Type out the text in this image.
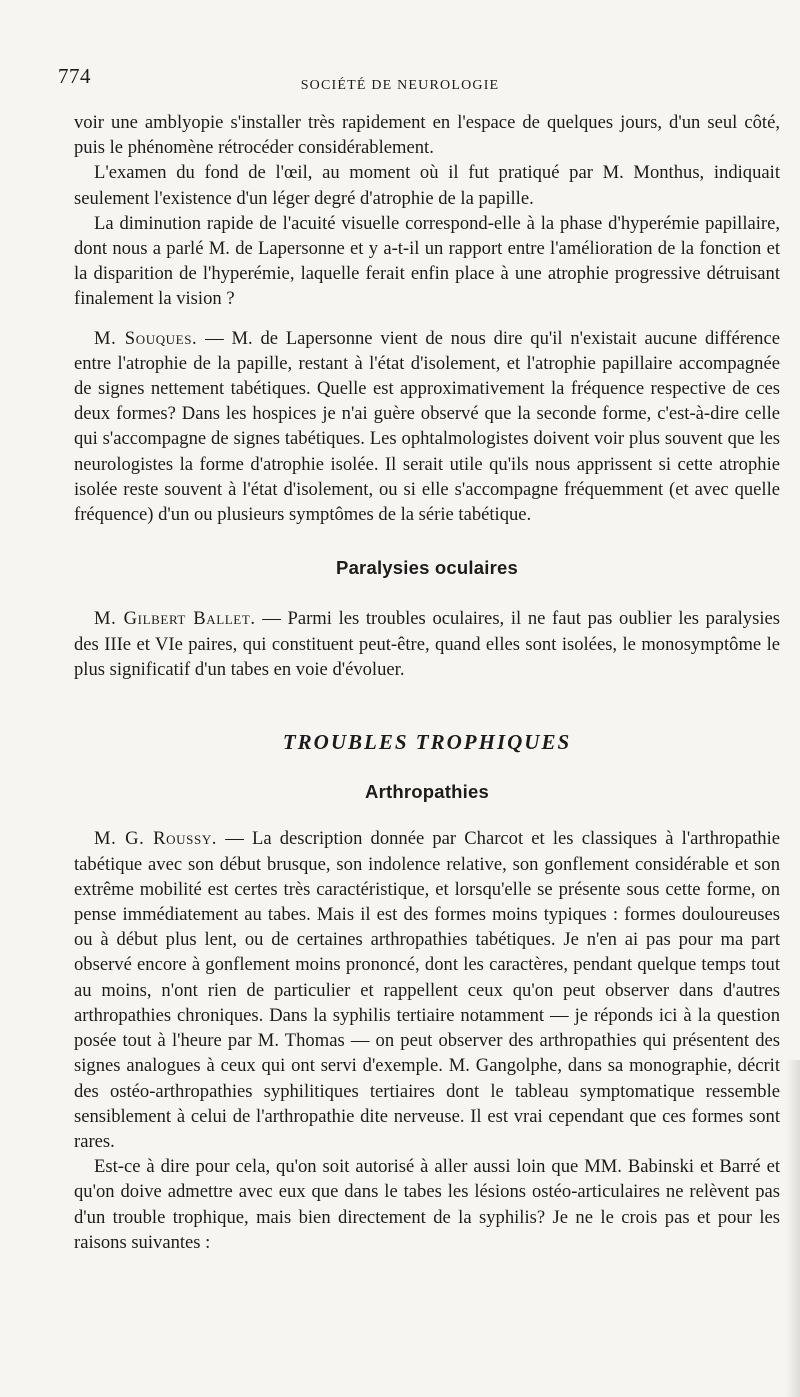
774	SOCIÉTÉ DE NEUROLOGIE

voir une amblyopie s'installer très rapidement en l'espace de quelques jours, d'un seul côté, puis le phénomène rétrocéder considérablement.

L'examen du fond de l'œil, au moment où il fut pratiqué par M. Monthus, indiquait seulement l'existence d'un léger degré d'atrophie de la papille.

La diminution rapide de l'acuité visuelle correspond-elle à la phase d'hyperémie papillaire, dont nous a parlé M. de Lapersonne et y a-t-il un rapport entre l'amélioration de la fonction et la disparition de l'hyperémie, laquelle ferait enfin place à une atrophie progressive détruisant finalement la vision ?

M. Souques. — M. de Lapersonne vient de nous dire qu'il n'existait aucune différence entre l'atrophie de la papille, restant à l'état d'isolement, et l'atrophie papillaire accompagnée de signes nettement tabétiques. Quelle est approximativement la fréquence respective de ces deux formes? Dans les hospices je n'ai guère observé que la seconde forme, c'est-à-dire celle qui s'accompagne de signes tabétiques. Les ophtalmologistes doivent voir plus souvent que les neurologistes la forme d'atrophie isolée. Il serait utile qu'ils nous apprissent si cette atrophie isolée reste souvent à l'état d'isolement, ou si elle s'accompagne fréquemment (et avec quelle fréquence) d'un ou plusieurs symptômes de la série tabétique.

Paralysies oculaires

M. Gilbert Ballet. — Parmi les troubles oculaires, il ne faut pas oublier les paralysies des IIIe et VIe paires, qui constituent peut-être, quand elles sont isolées, le monosymptôme le plus significatif d'un tabes en voie d'évoluer.

TROUBLES TROPHIQUES
Arthropathies

M. G. Roussy. — La description donnée par Charcot et les classiques à l'arthropathie tabétique avec son début brusque, son indolence relative, son gonflement considérable et son extrême mobilité est certes très caractéristique, et lorsqu'elle se présente sous cette forme, on pense immédiatement au tabes. Mais il est des formes moins typiques : formes douloureuses ou à début plus lent, ou de certaines arthropathies tabétiques. Je n'en ai pas pour ma part observé encore à gonflement moins prononcé, dont les caractères, pendant quelque temps tout au moins, n'ont rien de particulier et rappellent ceux qu'on peut observer dans d'autres arthropathies chroniques. Dans la syphilis tertiaire notamment — je réponds ici à la question posée tout à l'heure par M. Thomas — on peut observer des arthropathies qui présentent des signes analogues à ceux qui ont servi d'exemple. M. Gangolphe, dans sa monographie, décrit des ostéo-arthropathies syphilitiques tertiaires dont le tableau symptomatique ressemble sensiblement à celui de l'arthropathie dite nerveuse. Il est vrai cependant que ces formes sont rares.

Est-ce à dire pour cela, qu'on soit autorisé à aller aussi loin que MM. Babinski et Barré et qu'on doive admettre avec eux que dans le tabes les lésions ostéo-articulaires ne relèvent pas d'un trouble trophique, mais bien directement de la syphilis? Je ne le crois pas et pour les raisons suivantes :
